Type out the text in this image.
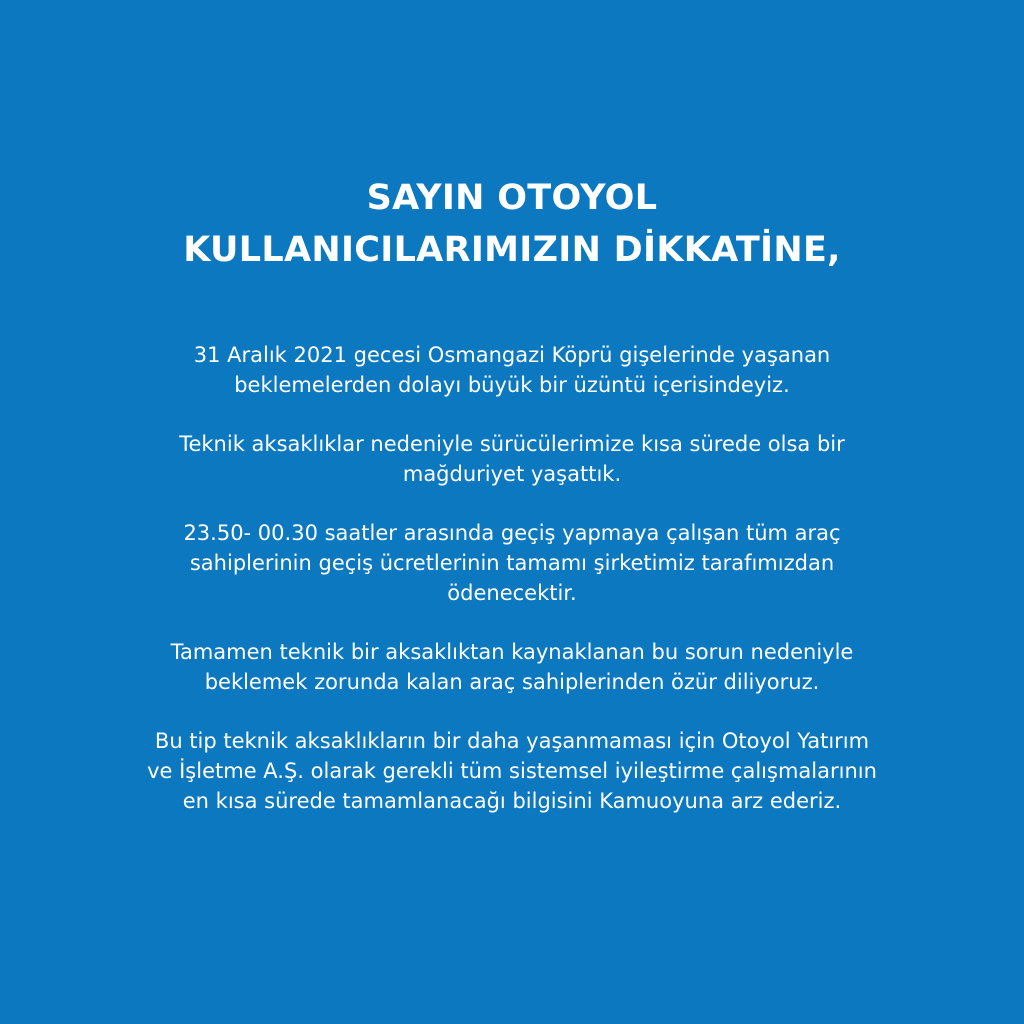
SAYIN OTOYOL
KULLANICILARIMIZIN DİKKATİNE,

31 Aralık 2021 gecesi Osmangazi Köprü gişelerinde yaşanan
beklemelerden dolayı büyük bir üzüntü içerisindeyiz.

Teknik aksaklıklar nedeniyle sürücülerimize kısa sürede olsa bir
mağduriyet yaşattık.

23.50- 00.30 saatler arasında geçiş yapmaya çalışan tüm araç
sahiplerinin geçiş ücretlerinin tamamı şirketimiz tarafımızdan
ödenecektir.

Tamamen teknik bir aksaklıktan kaynaklanan bu sorun nedeniyle
beklemek zorunda kalan araç sahiplerinden özür diliyoruz.

Bu tip teknik aksaklıkların bir daha yaşanmaması için Otoyol Yatırım
ve İşletme A.Ş. olarak gerekli tüm sistemsel iyileştirme çalışmalarının
en kısa sürede tamamlanacağı bilgisini Kamuoyuna arz ederiz.
